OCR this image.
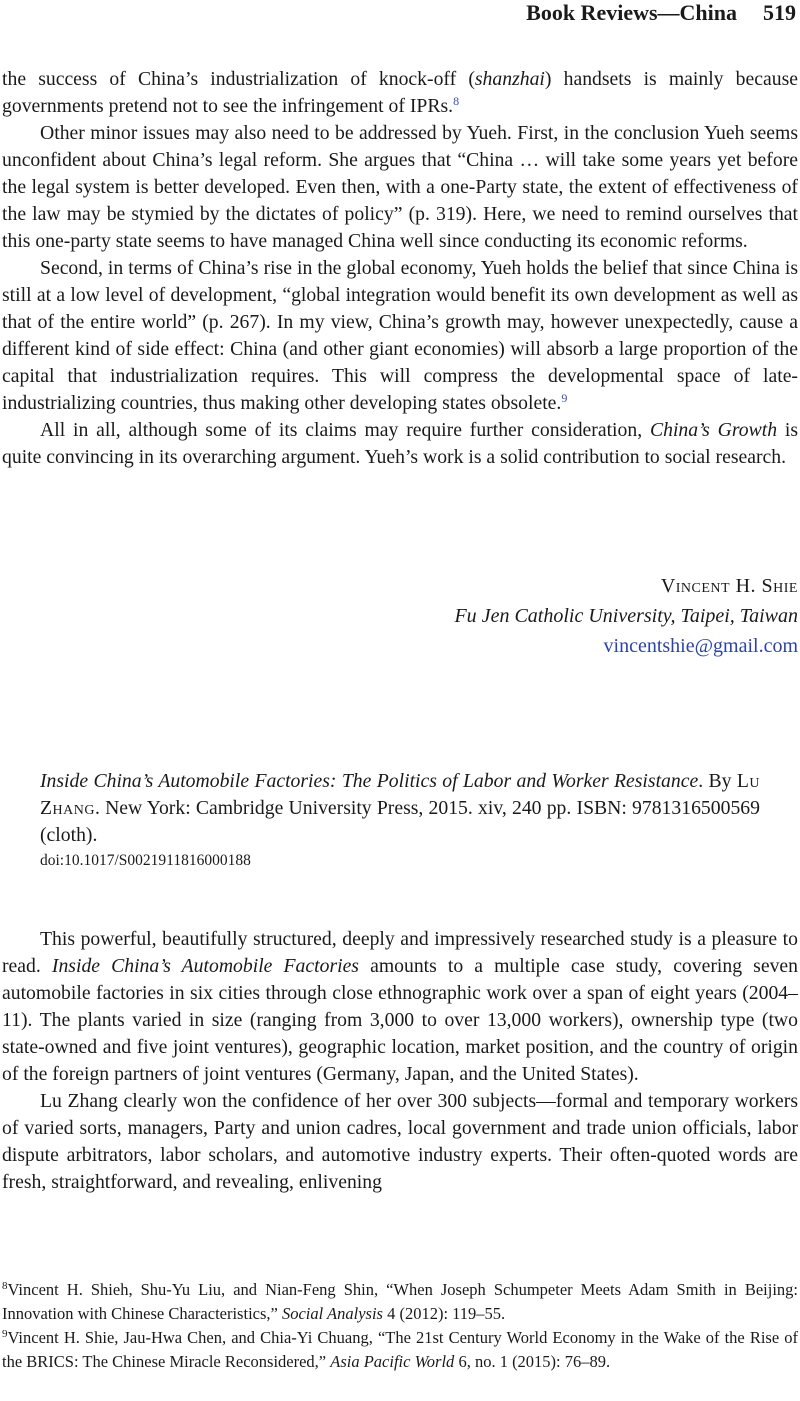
Book Reviews—China 519

the success of China’s industrialization of knock-off (shanzhai) handsets is mainly because governments pretend not to see the infringement of IPRs.$^8$

Other minor issues may also need to be addressed by Yueh. First, in the conclusion Yueh seems unconfident about China’s legal reform. She argues that “China … will take some years yet before the legal system is better developed. Even then, with a one-Party state, the extent of effectiveness of the law may be stymied by the dictates of policy” (p. 319). Here, we need to remind ourselves that this one-party state seems to have managed China well since conducting its economic reforms.

Second, in terms of China’s rise in the global economy, Yueh holds the belief that since China is still at a low level of development, “global integration would benefit its own development as well as that of the entire world” (p. 267). In my view, China’s growth may, however unexpectedly, cause a different kind of side effect: China (and other giant economies) will absorb a large proportion of the capital that industrialization requires. This will compress the developmental space of late-industrializing countries, thus making other developing states obsolete.$^9$

All in all, although some of its claims may require further consideration, China’s Growth is quite convincing in its overarching argument. Yueh’s work is a solid contribution to social research.

Vincent H. Shie
Fu Jen Catholic University, Taipei, Taiwan
vincentshie@gmail.com

Inside China’s Automobile Factories: The Politics of Labor and Worker Resistance. By Lu Zhang. New York: Cambridge University Press, 2015. xiv, 240 pp. ISBN: 9781316500569 (cloth).

doi:10.1017/S0021911816000188

This powerful, beautifully structured, deeply and impressively researched study is a pleasure to read. Inside China’s Automobile Factories amounts to a multiple case study, covering seven automobile factories in six cities through close ethnographic work over a span of eight years (2004–11). The plants varied in size (ranging from 3,000 to over 13,000 workers), ownership type (two state-owned and five joint ventures), geographic location, market position, and the country of origin of the foreign partners of joint ventures (Germany, Japan, and the United States).

Lu Zhang clearly won the confidence of her over 300 subjects—formal and temporary workers of varied sorts, managers, Party and union cadres, local government and trade union officials, labor dispute arbitrators, labor scholars, and automotive industry experts. Their often-quoted words are fresh, straightforward, and revealing, enlivening

$^8$Vincent H. Shieh, Shu-Yu Liu, and Nian-Feng Shin, “When Joseph Schumpeter Meets Adam Smith in Beijing: Innovation with Chinese Characteristics,” Social Analysis 4 (2012): 119–55.

$^9$Vincent H. Shie, Jau-Hwa Chen, and Chia-Yi Chuang, “The 21st Century World Economy in the Wake of the Rise of the BRICS: The Chinese Miracle Reconsidered,” Asia Pacific World 6, no. 1 (2015): 76–89.
